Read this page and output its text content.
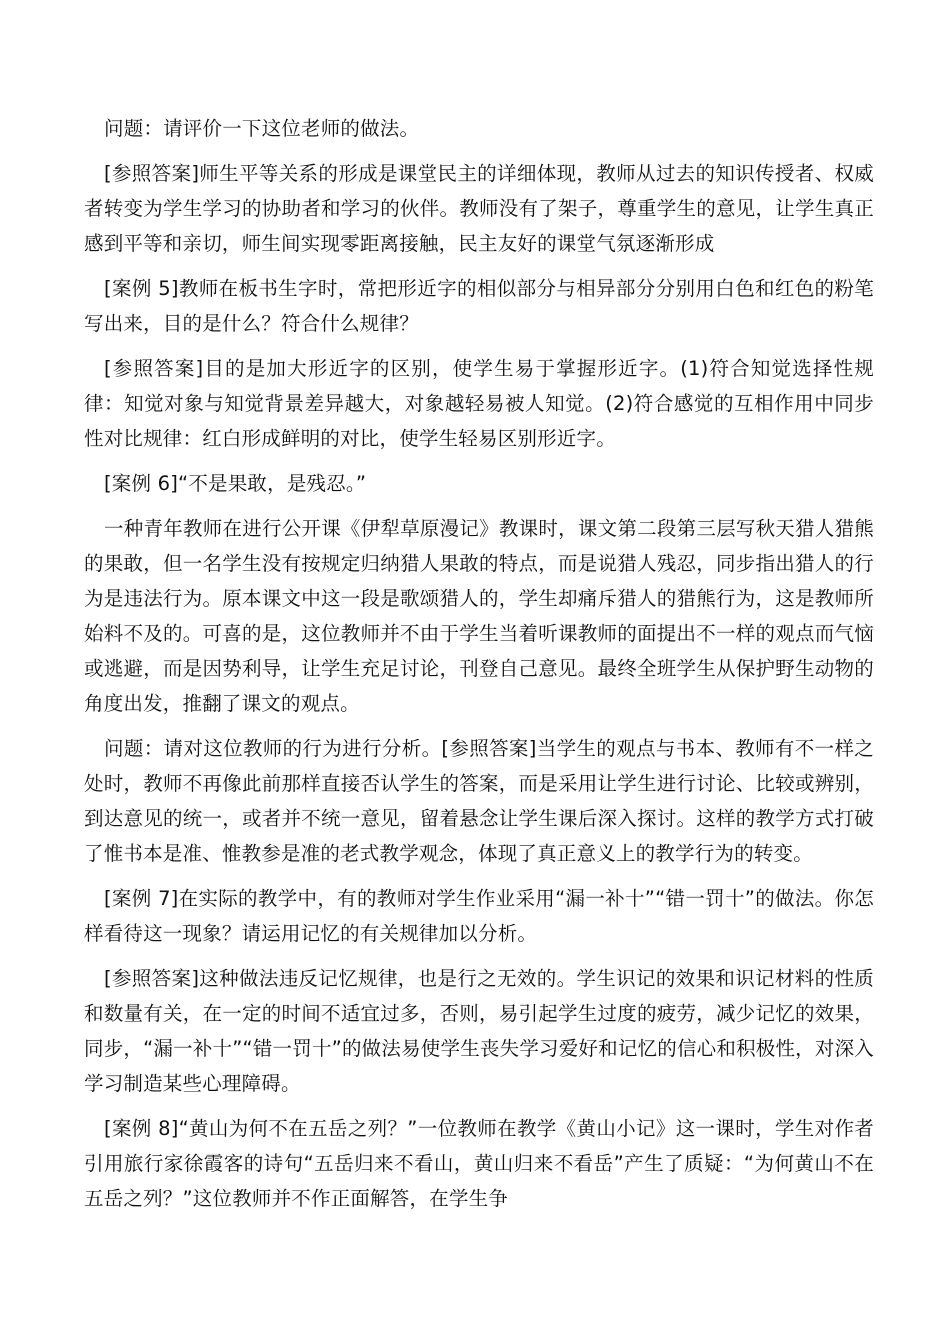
问题：请评价一下这位老师的做法。

[参照答案]师生平等关系的形成是课堂民主的详细体现，教师从过去的知识传授者、权威者转变为学生学习的协助者和学习的伙伴。教师没有了架子，尊重学生的意见，让学生真正感到平等和亲切，师生间实现零距离接触，民主友好的课堂气氛逐渐形成

[案例 5]教师在板书生字时，常把形近字的相似部分与相异部分分别用白色和红色的粉笔写出来，目的是什么？符合什么规律？

[参照答案]目的是加大形近字的区别，使学生易于掌握形近字。(1)符合知觉选择性规律：知觉对象与知觉背景差异越大，对象越轻易被人知觉。(2)符合感觉的互相作用中同步性对比规律：红白形成鲜明的对比，使学生轻易区别形近字。

[案例 6]“不是果敢，是残忍。”

一种青年教师在进行公开课《伊犁草原漫记》教课时，课文第二段第三层写秋天猎人猎熊的果敢，但一名学生没有按规定归纳猎人果敢的特点，而是说猎人残忍，同步指出猎人的行为是违法行为。原本课文中这一段是歌颂猎人的，学生却痛斥猎人的猎熊行为，这是教师所始料不及的。可喜的是，这位教师并不由于学生当着听课教师的面提出不一样的观点而气恼或逃避，而是因势利导，让学生充足讨论，刊登自己意见。最终全班学生从保护野生动物的角度出发，推翻了课文的观点。

问题：请对这位教师的行为进行分析。[参照答案]当学生的观点与书本、教师有不一样之处时，教师不再像此前那样直接否认学生的答案，而是采用让学生进行讨论、比较或辨别，到达意见的统一，或者并不统一意见，留着悬念让学生课后深入探讨。这样的教学方式打破了惟书本是准、惟教参是准的老式教学观念，体现了真正意义上的教学行为的转变。

[案例 7]在实际的教学中，有的教师对学生作业采用“漏一补十”“错一罚十”的做法。你怎样看待这一现象？请运用记忆的有关规律加以分析。

[参照答案]这种做法违反记忆规律，也是行之无效的。学生识记的效果和识记材料的性质和数量有关，在一定的时间不适宜过多，否则，易引起学生过度的疲劳，减少记忆的效果，同步，“漏一补十”“错一罚十”的做法易使学生丧失学习爱好和记忆的信心和积极性，对深入学习制造某些心理障碍。

[案例 8]“黄山为何不在五岳之列？”一位教师在教学《黄山小记》这一课时，学生对作者引用旅行家徐霞客的诗句“五岳归来不看山，黄山归来不看岳”产生了质疑：“为何黄山不在五岳之列？”这位教师并不作正面解答，在学生争
